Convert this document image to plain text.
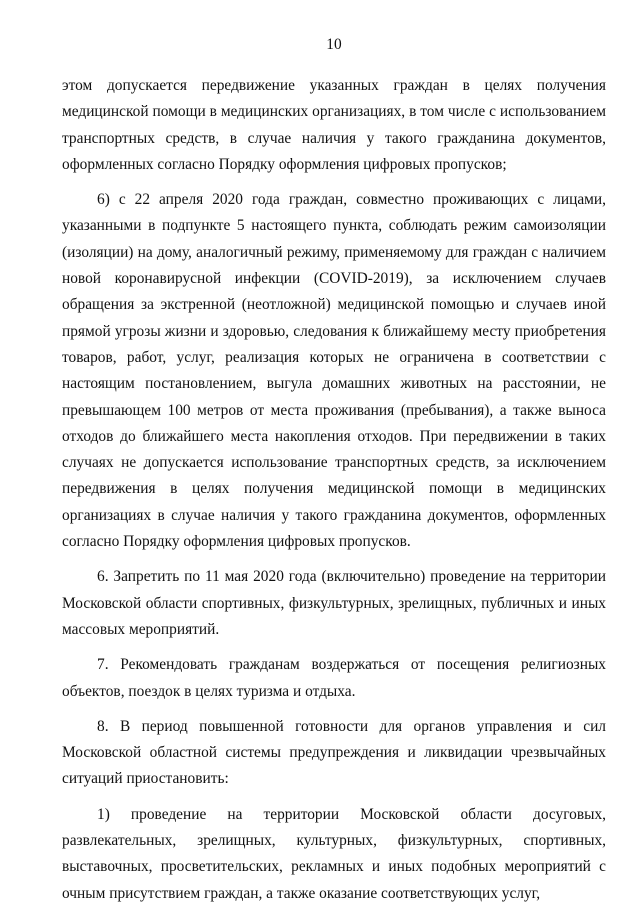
10

этом допускается передвижение указанных граждан в целях получения медицинской помощи в медицинских организациях, в том числе с использованием транспортных средств, в случае наличия у такого гражданина документов, оформленных согласно Порядку оформления цифровых пропусков;

6) с 22 апреля 2020 года граждан, совместно проживающих с лицами, указанными в подпункте 5 настоящего пункта, соблюдать режим самоизоляции (изоляции) на дому, аналогичный режиму, применяемому для граждан с наличием новой коронавирусной инфекции (COVID-2019), за исключением случаев обращения за экстренной (неотложной) медицинской помощью и случаев иной прямой угрозы жизни и здоровью, следования к ближайшему месту приобретения товаров, работ, услуг, реализация которых не ограничена в соответствии с настоящим постановлением, выгула домашних животных на расстоянии, не превышающем 100 метров от места проживания (пребывания), а также выноса отходов до ближайшего места накопления отходов. При передвижении в таких случаях не допускается использование транспортных средств, за исключением передвижения в целях получения медицинской помощи в медицинских организациях в случае наличия у такого гражданина документов, оформленных согласно Порядку оформления цифровых пропусков.

6. Запретить по 11 мая 2020 года (включительно) проведение на территории Московской области спортивных, физкультурных, зрелищных, публичных и иных массовых мероприятий.

7. Рекомендовать гражданам воздержаться от посещения религиозных объектов, поездок в целях туризма и отдыха.

8. В период повышенной готовности для органов управления и сил Московской областной системы предупреждения и ликвидации чрезвычайных ситуаций приостановить:

1) проведение на территории Московской области досуговых, развлекательных, зрелищных, культурных, физкультурных, спортивных, выставочных, просветительских, рекламных и иных подобных мероприятий с очным присутствием граждан, а также оказание соответствующих услуг,
